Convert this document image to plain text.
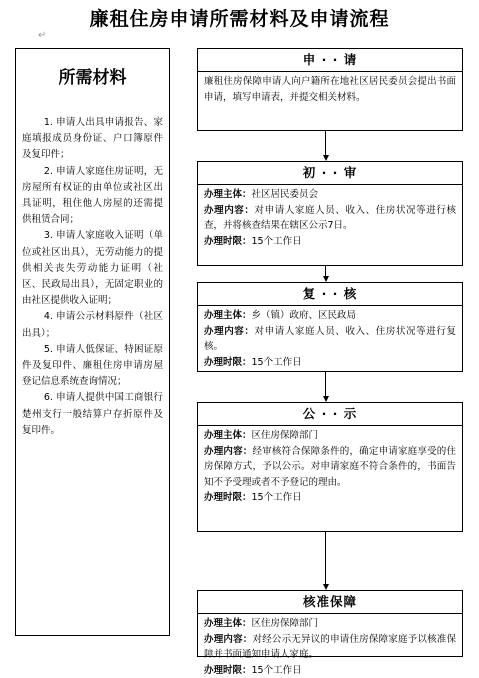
廉租住房申请所需材料及申请流程
↵
所需材料
1. 申请人出具申请报告、家庭填报成员身份证、户口簿原件及复印件；
2. 申请人家庭住房证明，无房屋所有权证的由单位或社区出具证明，租住他人房屋的还需提供租赁合同；
3. 申请人家庭收入证明（单位或社区出具），无劳动能力的提供相关丧失劳动能力证明（社区、民政局出具），无固定职业的由社区提供收入证明；
4. 申请公示材料原件（社区出具）；
5. 申请人低保证、特困证原件及复印件、廉租住房申请房屋登记信息系统查询情况；
6. 申请人提供中国工商银行楚州支行一般结算户存折原件及复印件。
申 · · 请

廉租住房保障申请人向户籍所在地社区居民委员会提出书面申请，填写申请表，并提交相关材料。

初 · · 审

办理主体：社区居民委员会

办理内容：对申请人家庭人员、收入、住房状况等进行核查，并将核查结果在辖区公示7日。

办理时限：15个工作日

复 · · 核

办理主体：乡（镇）政府、区民政局

办理内容：对申请人家庭人员、收入、住房状况等进行复核。

办理时限：15个工作日

公 · · 示

办理主体：区住房保障部门

办理内容：经审核符合保障条件的，确定申请家庭享受的住房保障方式，予以公示。对申请家庭不符合条件的，书面告知不予受理或者不予登记的理由。

办理时限：15个工作日

核准保障

办理主体：区住房保障部门

办理内容：对经公示无异议的申请住房保障家庭予以核准保障并书面通知申请人家庭。

办理时限：15个工作日
